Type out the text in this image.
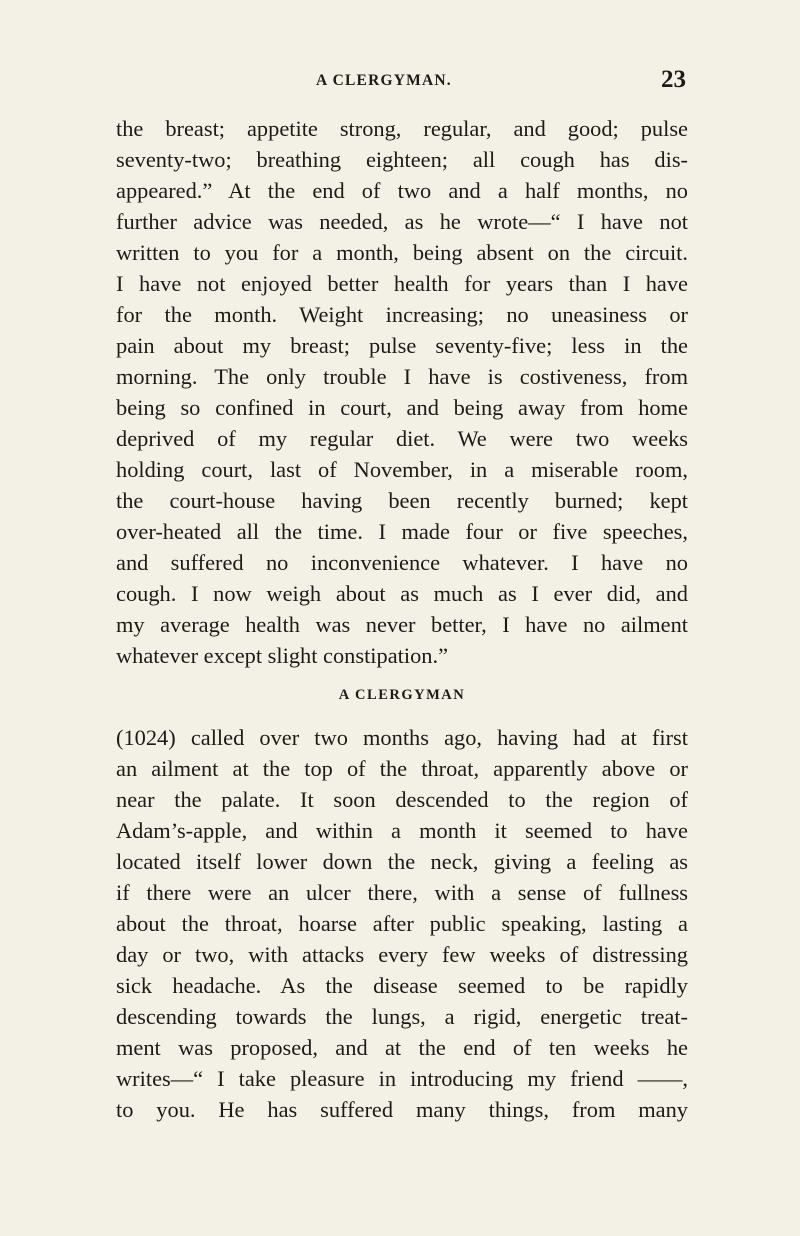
A CLERGYMAN.	23
the breast; appetite strong, regular, and good; pulse
seventy-two; breathing eighteen; all cough has dis-
appeared.” At the end of two and a half months, no
further advice was needed, as he wrote—“ I have not
written to you for a month, being absent on the circuit.
I have not enjoyed better health for years than I have
for the month. Weight increasing; no uneasiness or
pain about my breast; pulse seventy-five; less in the
morning. The only trouble I have is costiveness, from
being so confined in court, and being away from home
deprived of my regular diet. We were two weeks
holding court, last of November, in a miserable room,
the court-house having been recently burned; kept
over-heated all the time. I made four or five speeches,
and suffered no inconvenience whatever. I have no
cough. I now weigh about as much as I ever did, and
my average health was never better, I have no ailment
whatever except slight constipation.”
A CLERGYMAN
(1024) called over two months ago, having had at first
an ailment at the top of the throat, apparently above or
near the palate. It soon descended to the region of
Adam’s-apple, and within a month it seemed to have
located itself lower down the neck, giving a feeling as
if there were an ulcer there, with a sense of fullness
about the throat, hoarse after public speaking, lasting a
day or two, with attacks every few weeks of distressing
sick headache. As the disease seemed to be rapidly
descending towards the lungs, a rigid, energetic treat-
ment was proposed, and at the end of ten weeks he
writes—“ I take pleasure in introducing my friend ——,
to you. He has suffered many things, from many
